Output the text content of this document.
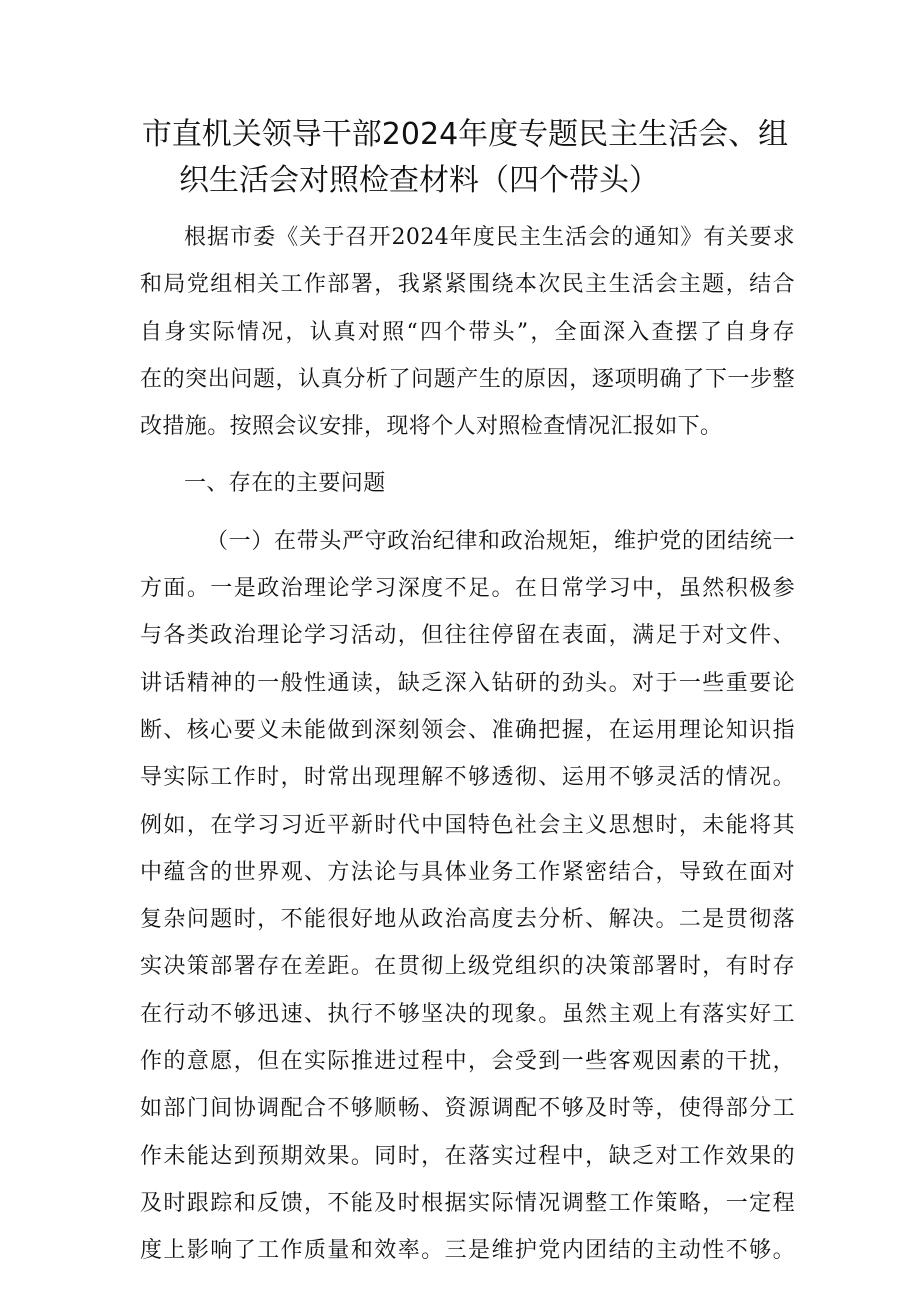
市直机关领导干部2024年度专题民主生活会、组
织生活会对照检查材料（四个带头）

根据市委《关于召开2024年度民主生活会的通知》有关要求
和局党组相关工作部署，我紧紧围绕本次民主生活会主题，结合
自身实际情况，认真对照“四个带头”，全面深入查摆了自身存
在的突出问题，认真分析了问题产生的原因，逐项明确了下一步整
改措施。按照会议安排，现将个人对照检查情况汇报如下。

一、存在的主要问题

（一）在带头严守政治纪律和政治规矩，维护党的团结统一
方面。一是政治理论学习深度不足。在日常学习中，虽然积极参
与各类政治理论学习活动，但往往停留在表面，满足于对文件、
讲话精神的一般性通读，缺乏深入钻研的劲头。对于一些重要论
断、核心要义未能做到深刻领会、准确把握，在运用理论知识指
导实际工作时，时常出现理解不够透彻、运用不够灵活的情况。
例如，在学习习近平新时代中国特色社会主义思想时，未能将其
中蕴含的世界观、方法论与具体业务工作紧密结合，导致在面对
复杂问题时，不能很好地从政治高度去分析、解决。二是贯彻落
实决策部署存在差距。在贯彻上级党组织的决策部署时，有时存
在行动不够迅速、执行不够坚决的现象。虽然主观上有落实好工
作的意愿，但在实际推进过程中，会受到一些客观因素的干扰，
如部门间协调配合不够顺畅、资源调配不够及时等，使得部分工
作未能达到预期效果。同时，在落实过程中，缺乏对工作效果的
及时跟踪和反馈，不能及时根据实际情况调整工作策略，一定程
度上影响了工作质量和效率。三是维护党内团结的主动性不够。
